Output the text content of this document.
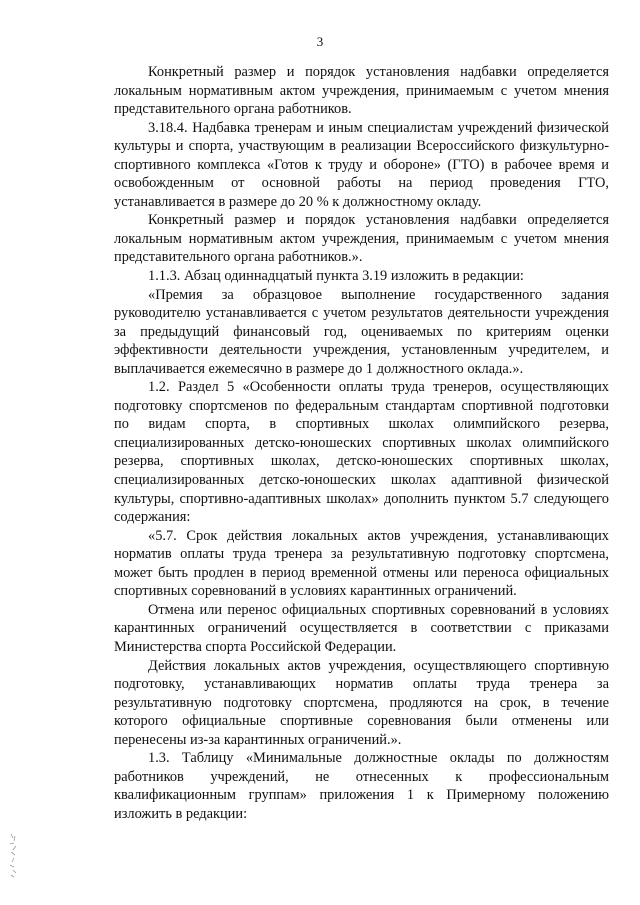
3

Конкретный размер и порядок установления надбавки определяется локальным нормативным актом учреждения, принимаемым с учетом мнения представительного органа работников.

3.18.4. Надбавка тренерам и иным специалистам учреждений физической культуры и спорта, участвующим в реализации Всероссийского физкультурно-спортивного комплекса «Готов к труду и обороне» (ГТО) в рабочее время и освобожденным от основной работы на период проведения ГТО, устанавливается в размере до 20 % к должностному окладу.

Конкретный размер и порядок установления надбавки определяется локальным нормативным актом учреждения, принимаемым с учетом мнения представительного органа работников.».

1.1.3. Абзац одиннадцатый пункта 3.19 изложить в редакции:

«Премия за образцовое выполнение государственного задания руководителю устанавливается с учетом результатов деятельности учреждения за предыдущий финансовый год, оцениваемых по критериям оценки эффективности деятельности учреждения, установленным учредителем, и выплачивается ежемесячно в размере до 1 должностного оклада.».

1.2. Раздел 5 «Особенности оплаты труда тренеров, осуществляющих подготовку спортсменов по федеральным стандартам спортивной подготовки по видам спорта, в спортивных школах олимпийского резерва, специализированных детско-юношеских спортивных школах олимпийского резерва, спортивных школах, детско-юношеских спортивных школах, специализированных детско-юношеских школах адаптивной физической культуры, спортивно-адаптивных школах» дополнить пунктом 5.7 следующего содержания:

«5.7. Срок действия локальных актов учреждения, устанавливающих норматив оплаты труда тренера за результативную подготовку спортсмена, может быть продлен в период временной отмены или переноса официальных спортивных соревнований в условиях карантинных ограничений.

Отмена или перенос официальных спортивных соревнований в условиях карантинных ограничений осуществляется в соответствии с приказами Министерства спорта Российской Федерации.

Действия локальных актов учреждения, осуществляющего спортивную подготовку, устанавливающих норматив оплаты труда тренера за результативную подготовку спортсмена, продляются на срок, в течение которого официальные спортивные соревнования были отменены или перенесены из-за карантинных ограничений.».

1.3. Таблицу «Минимальные должностные оклады по должностям работников учреждений, не отнесенных к профессиональным квалификационным группам» приложения 1 к Примерному положению изложить в редакции:
